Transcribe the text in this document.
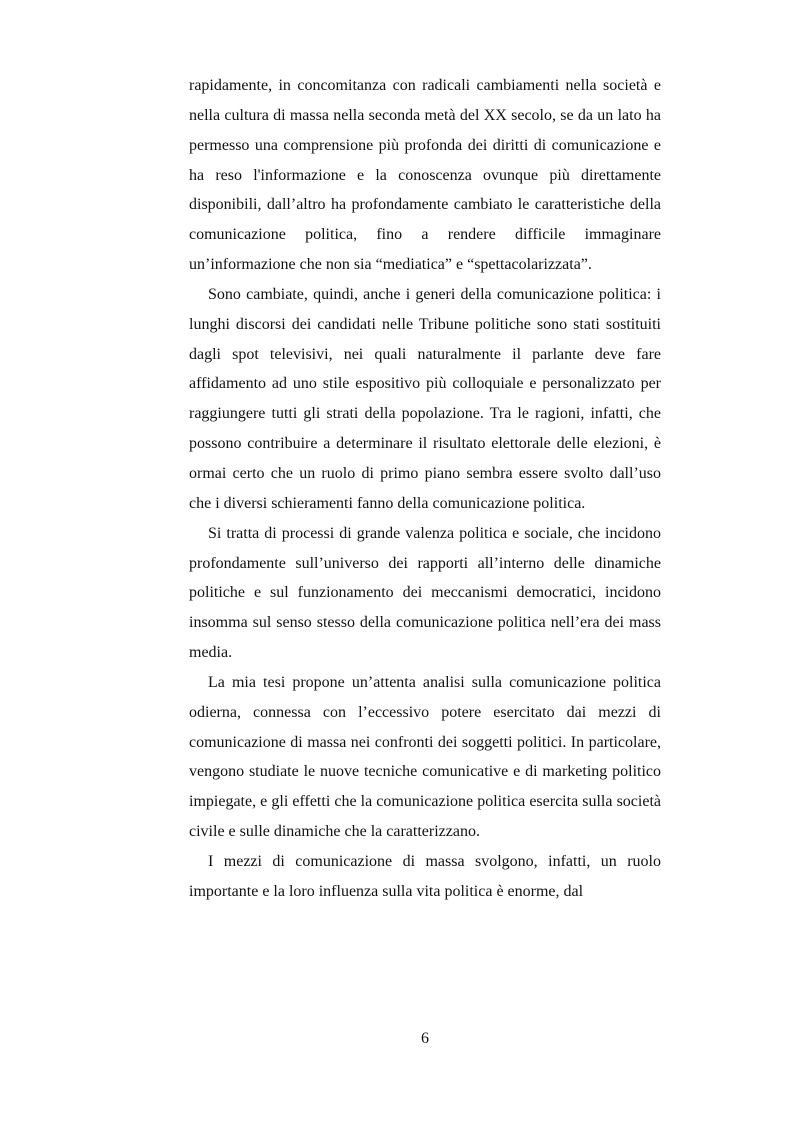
rapidamente, in concomitanza con radicali cambiamenti nella società e nella cultura di massa nella seconda metà del XX secolo, se da un lato ha permesso una comprensione più profonda dei diritti di comunicazione e ha reso l'informazione e la conoscenza ovunque più direttamente disponibili, dall’altro ha profondamente cambiato le caratteristiche della comunicazione politica, fino a rendere difficile immaginare un’informazione che non sia “mediatica” e “spettacolarizzata”.

Sono cambiate, quindi, anche i generi della comunicazione politica: i lunghi discorsi dei candidati nelle Tribune politiche sono stati sostituiti dagli spot televisivi, nei quali naturalmente il parlante deve fare affidamento ad uno stile espositivo più colloquiale e personalizzato per raggiungere tutti gli strati della popolazione. Tra le ragioni, infatti, che possono contribuire a determinare il risultato elettorale delle elezioni, è ormai certo che un ruolo di primo piano sembra essere svolto dall’uso che i diversi schieramenti fanno della comunicazione politica.

Si tratta di processi di grande valenza politica e sociale, che incidono profondamente sull’universo dei rapporti all’interno delle dinamiche politiche e sul funzionamento dei meccanismi democratici, incidono insomma sul senso stesso della comunicazione politica nell’era dei mass media.

La mia tesi propone un’attenta analisi sulla comunicazione politica odierna, connessa con l’eccessivo potere esercitato dai mezzi di comunicazione di massa nei confronti dei soggetti politici. In particolare, vengono studiate le nuove tecniche comunicative e di marketing politico impiegate, e gli effetti che la comunicazione politica esercita sulla società civile e sulle dinamiche che la caratterizzano.

I mezzi di comunicazione di massa svolgono, infatti, un ruolo importante e la loro influenza sulla vita politica è enorme, dal

6
